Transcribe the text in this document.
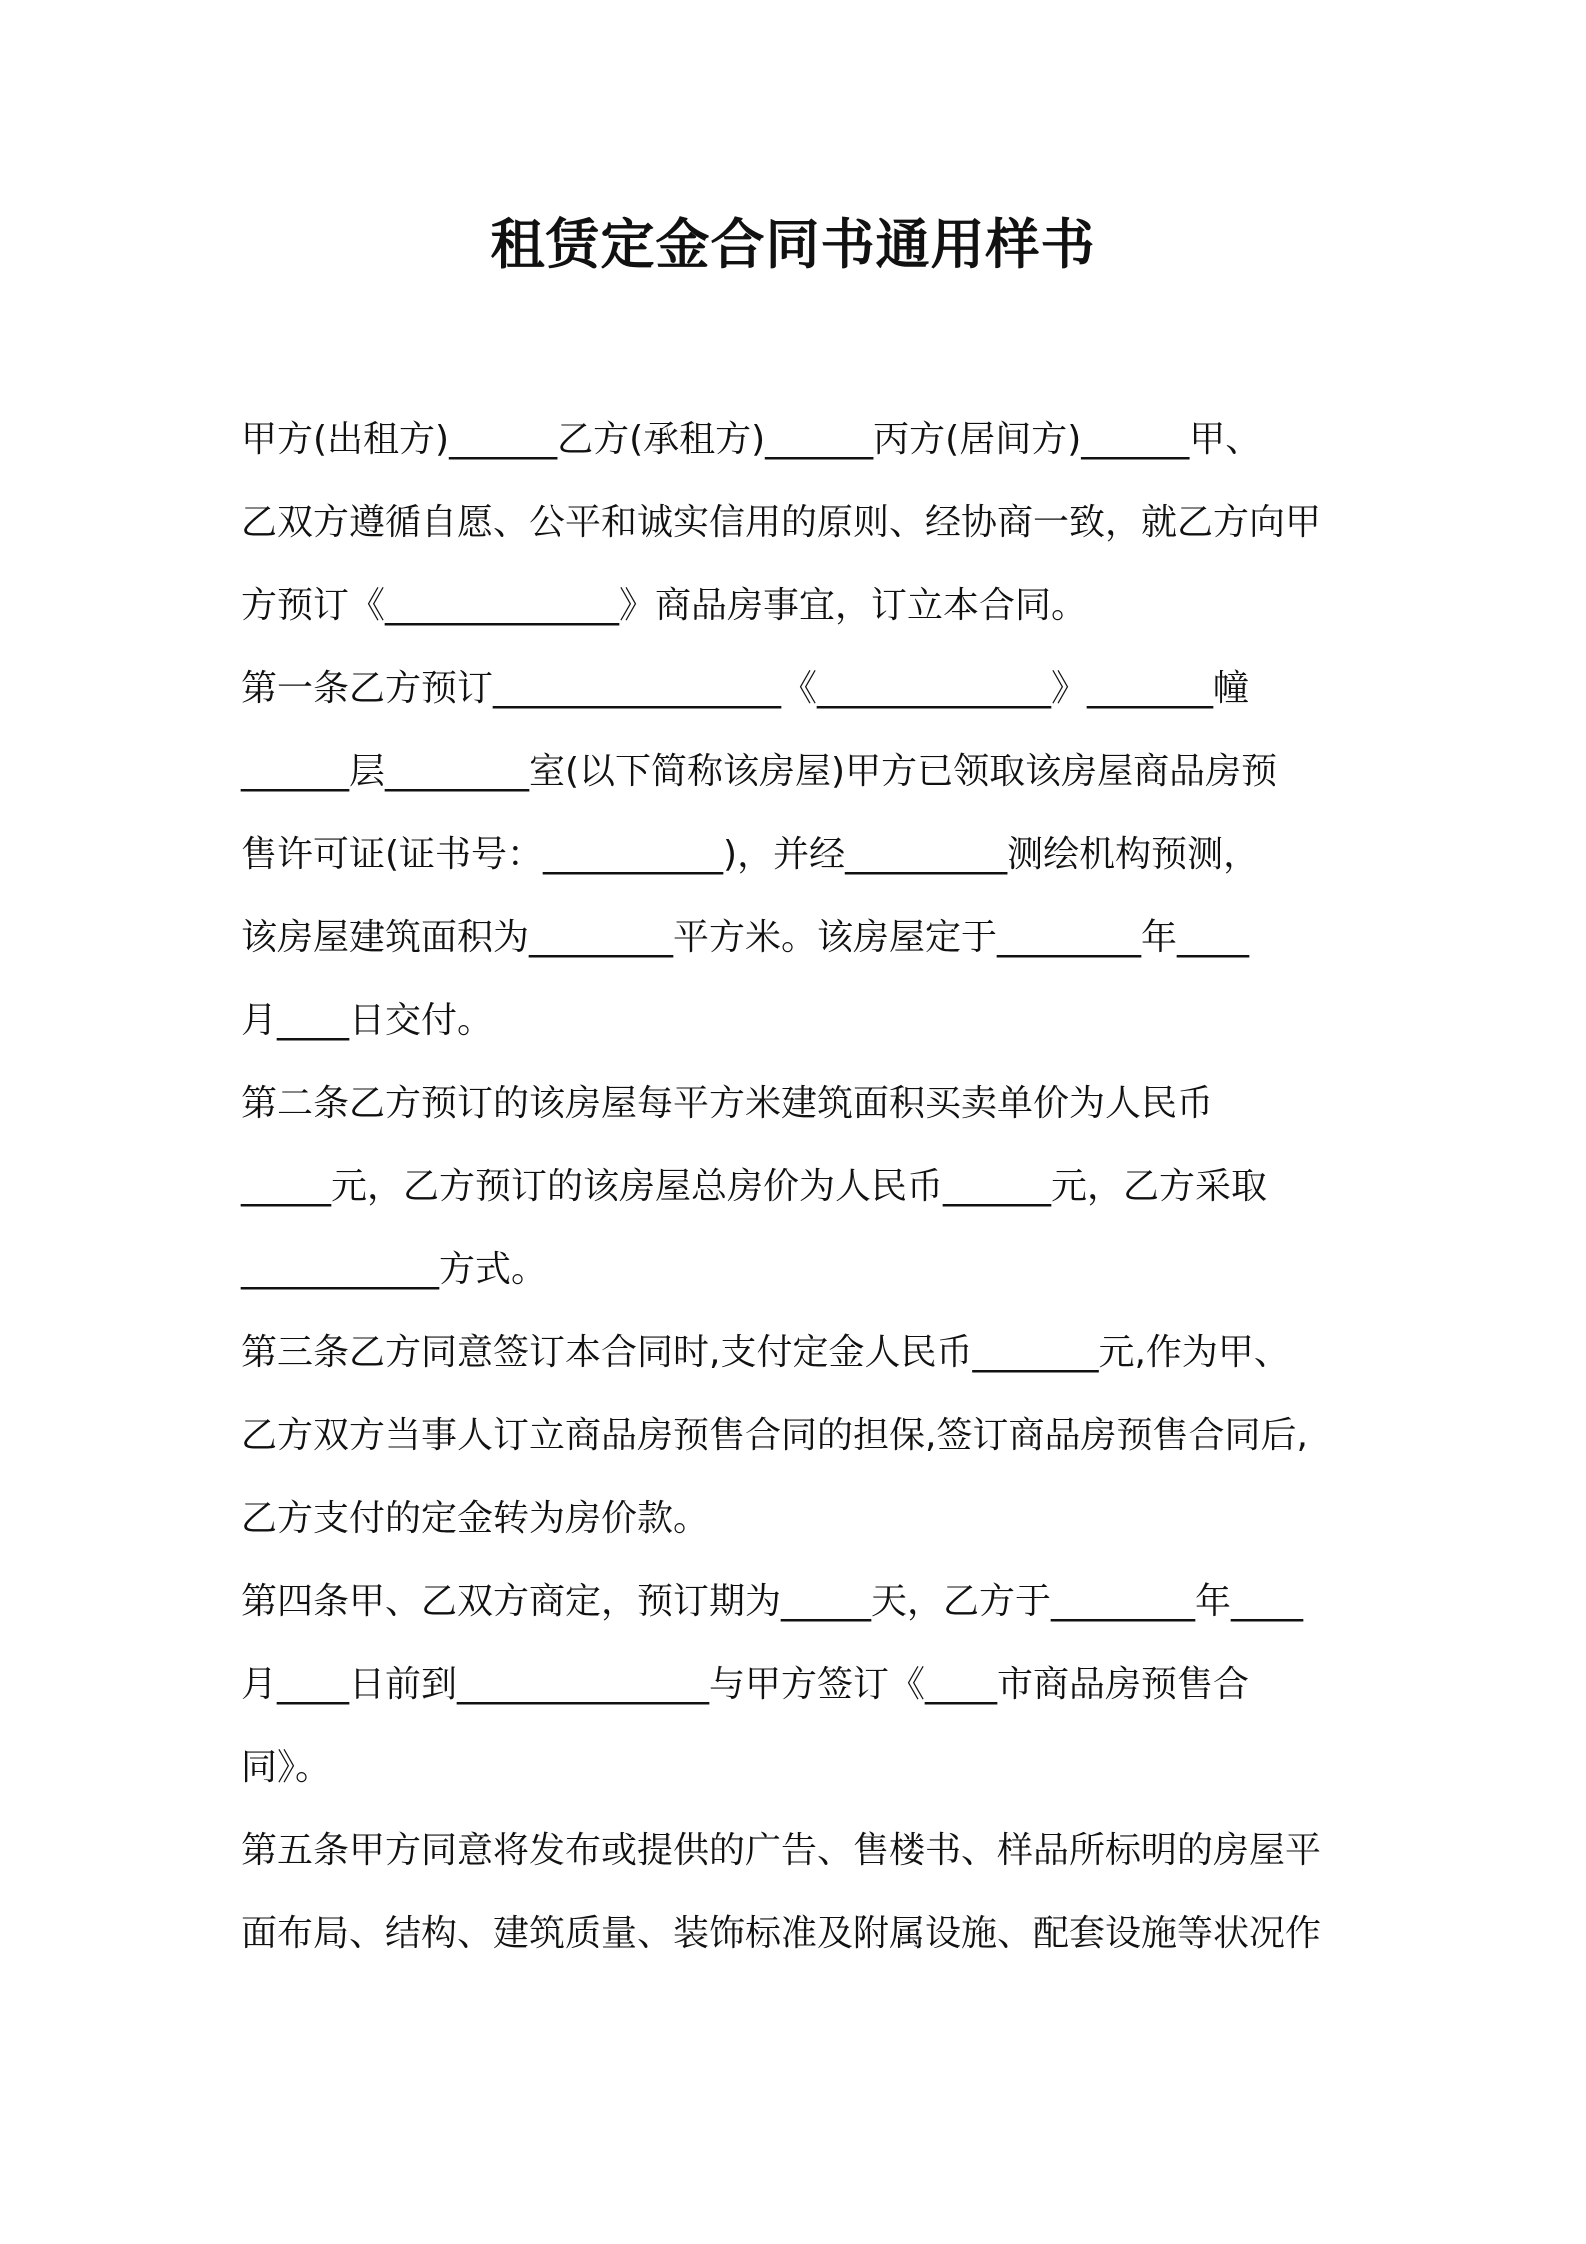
租赁定金合同书通用样书

甲方(出租方)______乙方(承租方)______丙方(居间方)______甲、

乙双方遵循自愿、公平和诚实信用的原则、经协商一致，就乙方向甲

方预订《_____________》商品房事宜，订立本合同。

第一条乙方预订________________《_____________》_______幢

______层________室(以下简称该房屋)甲方已领取该房屋商品房预

售许可证(证书号：__________)，并经_________测绘机构预测，

该房屋建筑面积为________平方米。该房屋定于________年____

月____日交付。

第二条乙方预订的该房屋每平方米建筑面积买卖单价为人民币

_____元，乙方预订的该房屋总房价为人民币______元，乙方采取

___________方式。

第三条乙方同意签订本合同时,支付定金人民币_______元,作为甲、

乙方双方当事人订立商品房预售合同的担保,签订商品房预售合同后,

乙方支付的定金转为房价款。

第四条甲、乙双方商定，预订期为_____天，乙方于________年____

月____日前到______________与甲方签订《____市商品房预售合

同》。

第五条甲方同意将发布或提供的广告、售楼书、样品所标明的房屋平

面布局、结构、建筑质量、装饰标准及附属设施、配套设施等状况作
